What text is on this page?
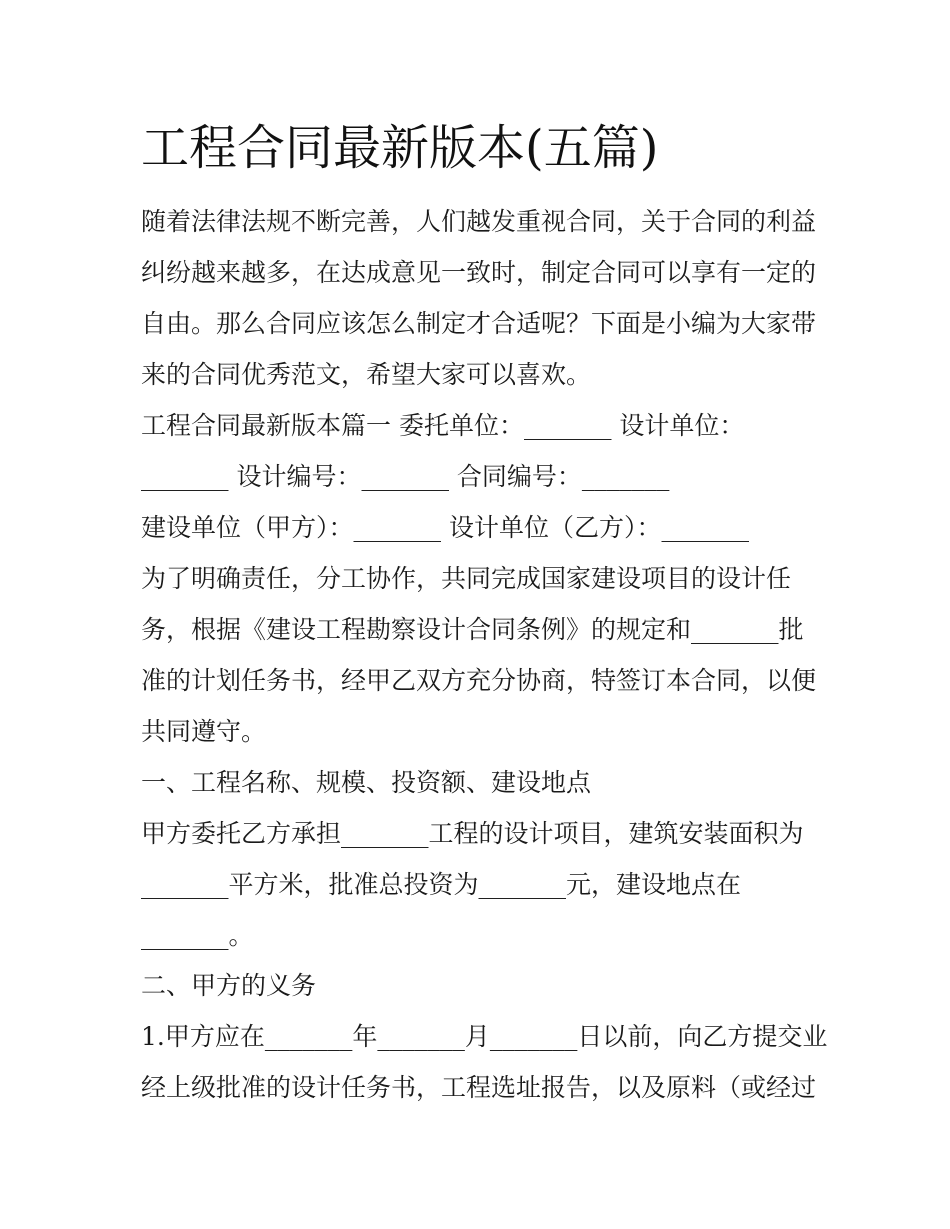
工程合同最新版本(五篇)
随着法律法规不断完善，人们越发重视合同，关于合同的利益
纠纷越来越多，在达成意见一致时，制定合同可以享有一定的
自由。那么合同应该怎么制定才合适呢？下面是小编为大家带
来的合同优秀范文，希望大家可以喜欢。
工程合同最新版本篇一 委托单位：_______ 设计单位：
_______ 设计编号：_______ 合同编号：_______
建设单位（甲方）：_______ 设计单位（乙方）：_______
为了明确责任，分工协作，共同完成国家建设项目的设计任
务，根据《建设工程勘察设计合同条例》的规定和_______批
准的计划任务书，经甲乙双方充分协商，特签订本合同，以便
共同遵守。
一、工程名称、规模、投资额、建设地点
甲方委托乙方承担_______工程的设计项目，建筑安装面积为
_______平方米，批准总投资为_______元，建设地点在
_______。
二、甲方的义务
1.甲方应在_______年_______月_______日以前，向乙方提交业
经上级批准的设计任务书，工程选址报告，以及原料（或经过
